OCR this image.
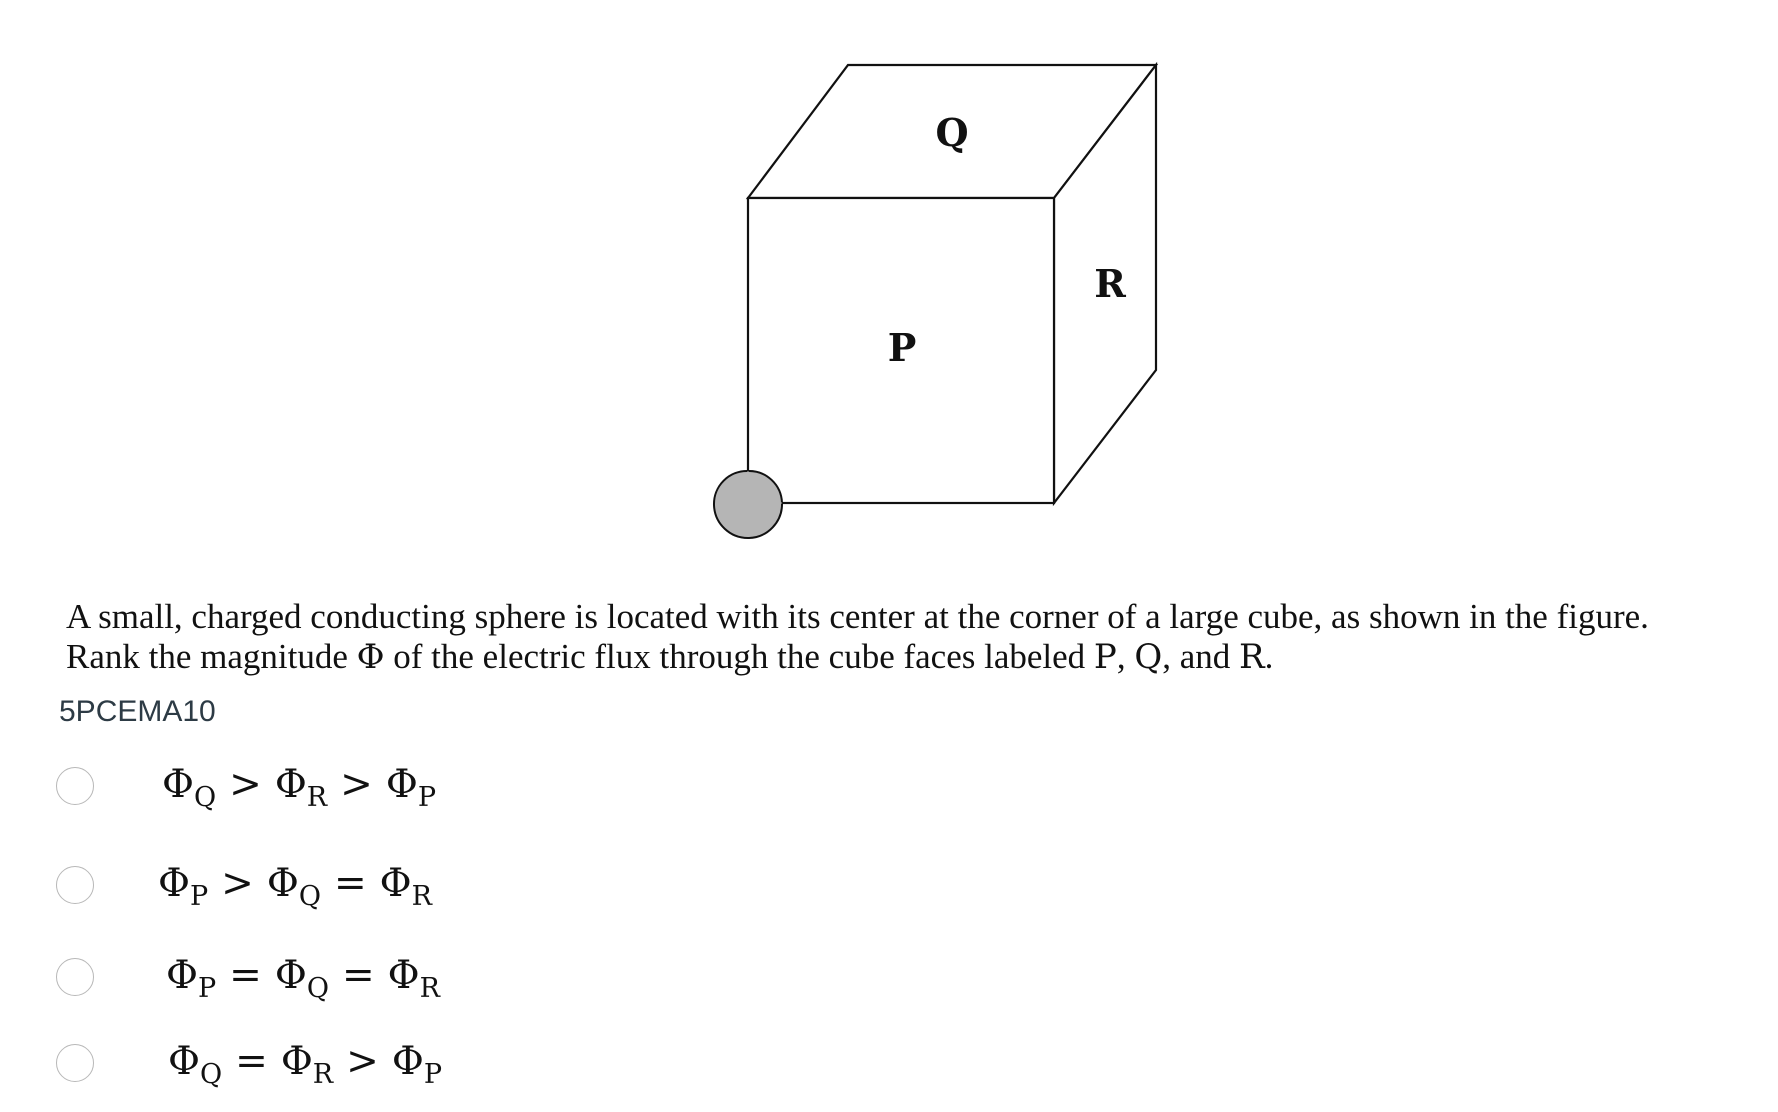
Q
P
R
A small, charged conducting sphere is located with its center at the corner of a large cube, as shown in the figure.
Rank the magnitude Φ of the electric flux through the cube faces labeled P, Q, and R.
5PCEMA10
$\Phi_Q > \Phi_R > \Phi_P$
$\Phi_P > \Phi_Q = \Phi_R$
$\Phi_P = \Phi_Q = \Phi_R$
$\Phi_Q = \Phi_R > \Phi_P$
